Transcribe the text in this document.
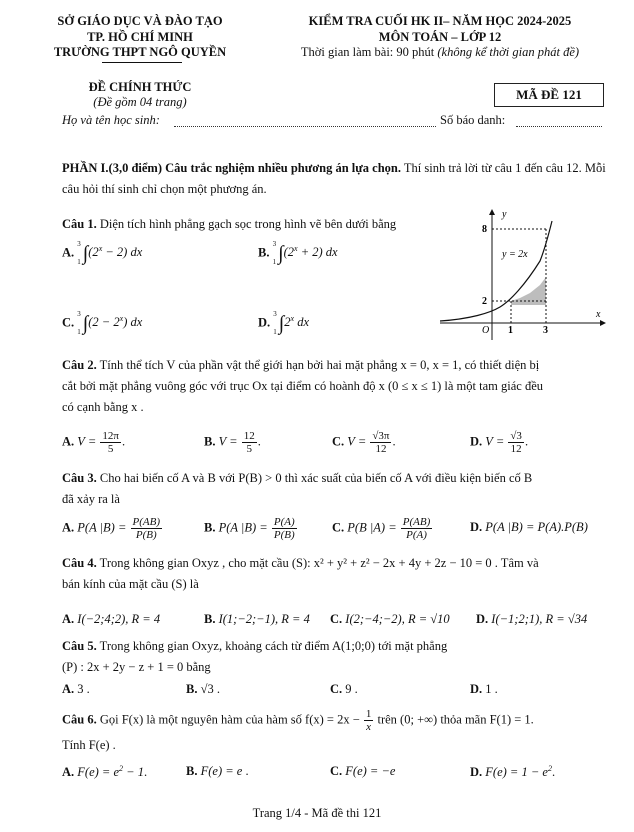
SỞ GIÁO DỤC VÀ ĐÀO TẠO
TP. HỒ CHÍ MINH
TRƯỜNG THPT NGÔ QUYỀN
KIỂM TRA CUỐI HK II– NĂM HỌC 2024-2025
MÔN TOÁN – LỚP 12
Thời gian làm bài: 90 phút (không kể thời gian phát đề)
ĐỀ CHÍNH THỨC
(Đề gồm 04 trang)	MÃ ĐỀ 121
Họ và tên học sinh:	Số báo danh:
PHẦN I.(3,0 điểm) Câu trắc nghiệm nhiều phương án lựa chọn. Thí sinh trả lời từ câu 1 đến câu 12. Mỗi câu hỏi thí sinh chỉ chọn một phương án.
Câu 1. Diện tích hình phẳng gạch sọc trong hình vẽ bên dưới bằng
A. 3

1 $\int(2^x - 2)$ dx	B. 3

1 $\int(2^x + 2)$ dx
C. 3

1 $\int(2 - 2^x)$ dx	D. 3

1 ∫2$^x$ dx
y
x
O
8
2
1	3
y = 2x
Câu 2. Tính thể tích V của phần vật thể giới hạn bởi hai mặt phẳng x = 0, x = 1, có thiết diện bị
cắt bởi mặt phẳng vuông góc với trục Ox tại điểm có hoành độ x (0 ≤ x ≤ 1) là một tam giác đều
có cạnh bằng x .
A. $V = \frac{12\pi}{5}$ .	B. $V = \frac{12}{5}$ .	C. $V = \frac{√3\pi}{12}$ .	D. $V = \frac{√3}{12}$ .
Câu 3. Cho hai biến cố A và B với P(B) > 0 thì xác suất của biến cố A với điều kiện biến cố B
đã xảy ra là
A. P(A $|B) = \frac{P(AB)}{P(B)}$	B. P(A $|B) = \frac{P(A)}{P(B)}$	C. P(B $|A) = \frac{P(AB)}{P(A)}$	D. P(A |B) = P(A).P(B)
Câu 4. Trong không gian Oxyz , cho mặt cầu (S): x² + y² + z² − 2x + 4y + 2z − 10 = 0 . Tâm và
bán kính của mặt cầu (S) là
A. I(−2;4;2), R = 4	B. I(1;−2;−1), R = 4 C. I(2;−4;−2), R = √10 D. I(−1;2;1), R = √34
Câu 5. Trong không gian Oxyz, khoảng cách từ điểm A(1;0;0) tới mặt phẳng
(P) : 2x + 2y − z + 1 = 0 bằng
A. 3 .	B. √3 .	C. 9 .	D. 1 .
Câu 6. Gọi F(x) là một nguyên hàm của hàm số $f(x) = 2x - \frac{1}{x}$ trên (0; +∞) thỏa mãn F(1) = 1.
Tính F(e) .
A. $F(e) = e^2 - 1$.	B. F(e) = e .	C. F(e) = −e	D. $F(e) = 1 - e^2$.
Trang 1/4 - Mã đề thi 121
